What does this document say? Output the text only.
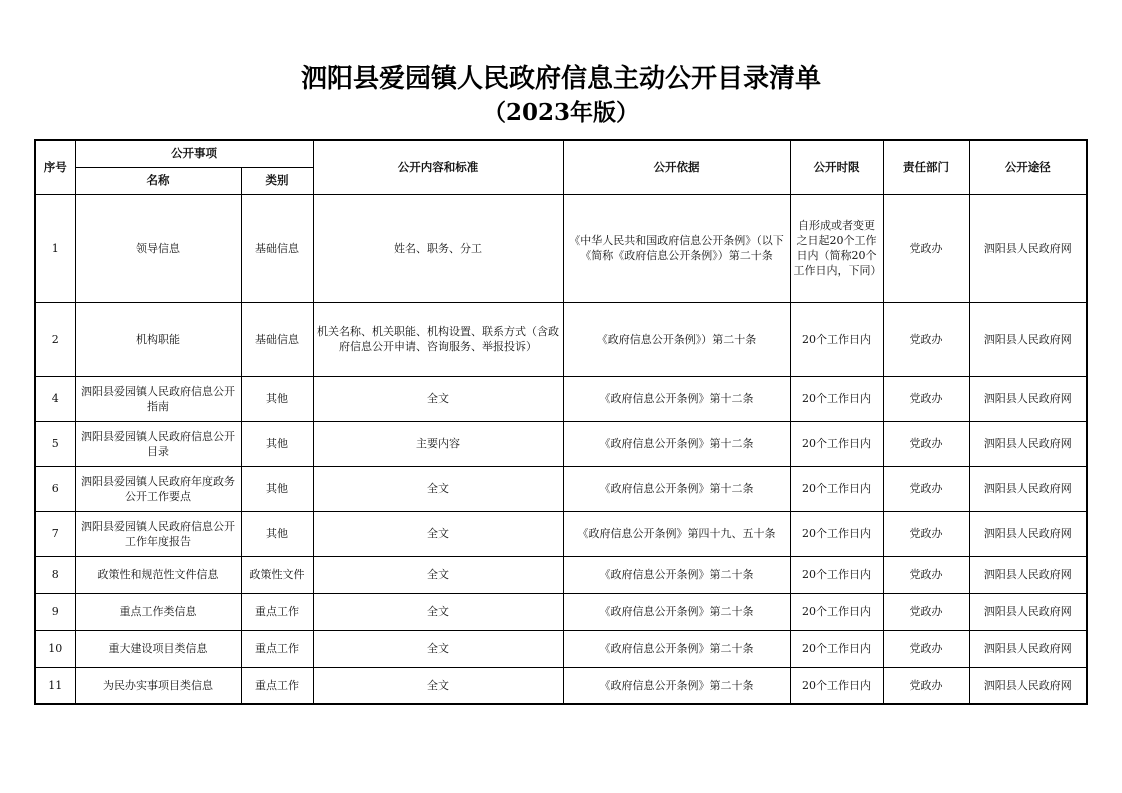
泗阳县爱园镇人民政府信息主动公开目录清单
（2023年版）
序号	公开事项		公开内容和标准	公开依据	公开时限	责任部门	公开途径
	名称	类别					
1	领导信息	基础信息	姓名、职务、分工	《中华人民共和国政府信息公开条例》（以下《简称《政府信息公开条例》）第二十条	自形成或者变更之日起20个工作日内（简称20个工作日内，下同）	党政办	泗阳县人民政府网
2	机构职能	基础信息	机关名称、机关职能、机构设置、联系方式（含政府信息公开申请、咨询服务、举报投诉）	《政府信息公开条例》）第二十条	20个工作日内	党政办	泗阳县人民政府网
4	泗阳县爱园镇人民政府信息公开指南	其他	全文	《政府信息公开条例》第十二条	20个工作日内	党政办	泗阳县人民政府网
5	泗阳县爱园镇人民政府信息公开目录	其他	主要内容	《政府信息公开条例》第十二条	20个工作日内	党政办	泗阳县人民政府网
6	泗阳县爱园镇人民政府年度政务公开工作要点	其他	全文	《政府信息公开条例》第十二条	20个工作日内	党政办	泗阳县人民政府网
7	泗阳县爱园镇人民政府信息公开工作年度报告	其他	全文	《政府信息公开条例》第四十九、五十条	20个工作日内	党政办	泗阳县人民政府网
8	政策性和规范性文件信息	政策性文件	全文	《政府信息公开条例》第二十条	20个工作日内	党政办	泗阳县人民政府网
9	重点工作类信息	重点工作	全文	《政府信息公开条例》第二十条	20个工作日内	党政办	泗阳县人民政府网
10	重大建设项目类信息	重点工作	全文	《政府信息公开条例》第二十条	20个工作日内	党政办	泗阳县人民政府网
11	为民办实事项目类信息	重点工作	全文	《政府信息公开条例》第二十条	20个工作日内	党政办	泗阳县人民政府网
